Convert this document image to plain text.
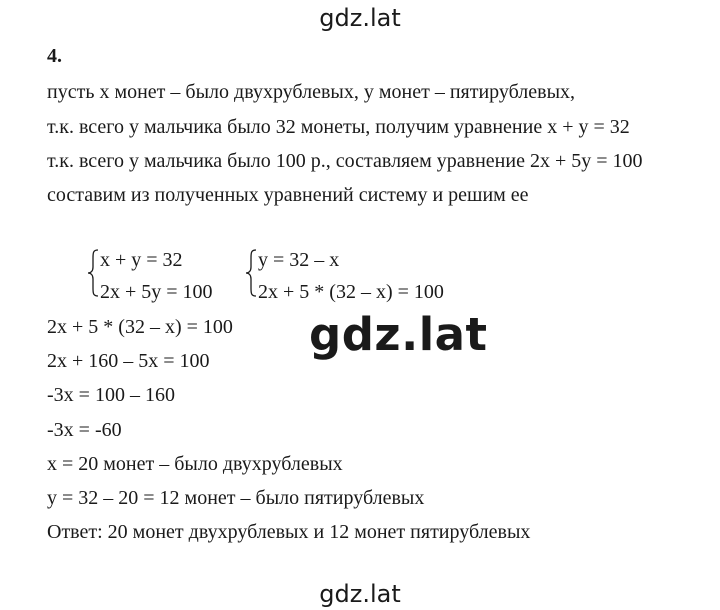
gdz.lat
4.
пусть x монет – было двухрублевых, y монет – пятирублевых,
т.к. всего у мальчика было 32 монеты, получим уравнение x + y = 32
т.к. всего у мальчика было 100 р., составляем уравнение 2x + 5y = 100
составим из полученных уравнений систему и решим ее
x + y = 32
2x + 5y = 100
y = 32 – x
2x + 5 * (32 – x) = 100
2x + 5 * (32 – x) = 100
2x + 160 – 5x = 100
-3x = 100 – 160
-3x = -60
x = 20 монет – было двухрублевых
y = 32 – 20 = 12 монет – было пятирублевых
Ответ: 20 монет двухрублевых и 12 монет пятирублевых
gdz.lat
gdz.lat
